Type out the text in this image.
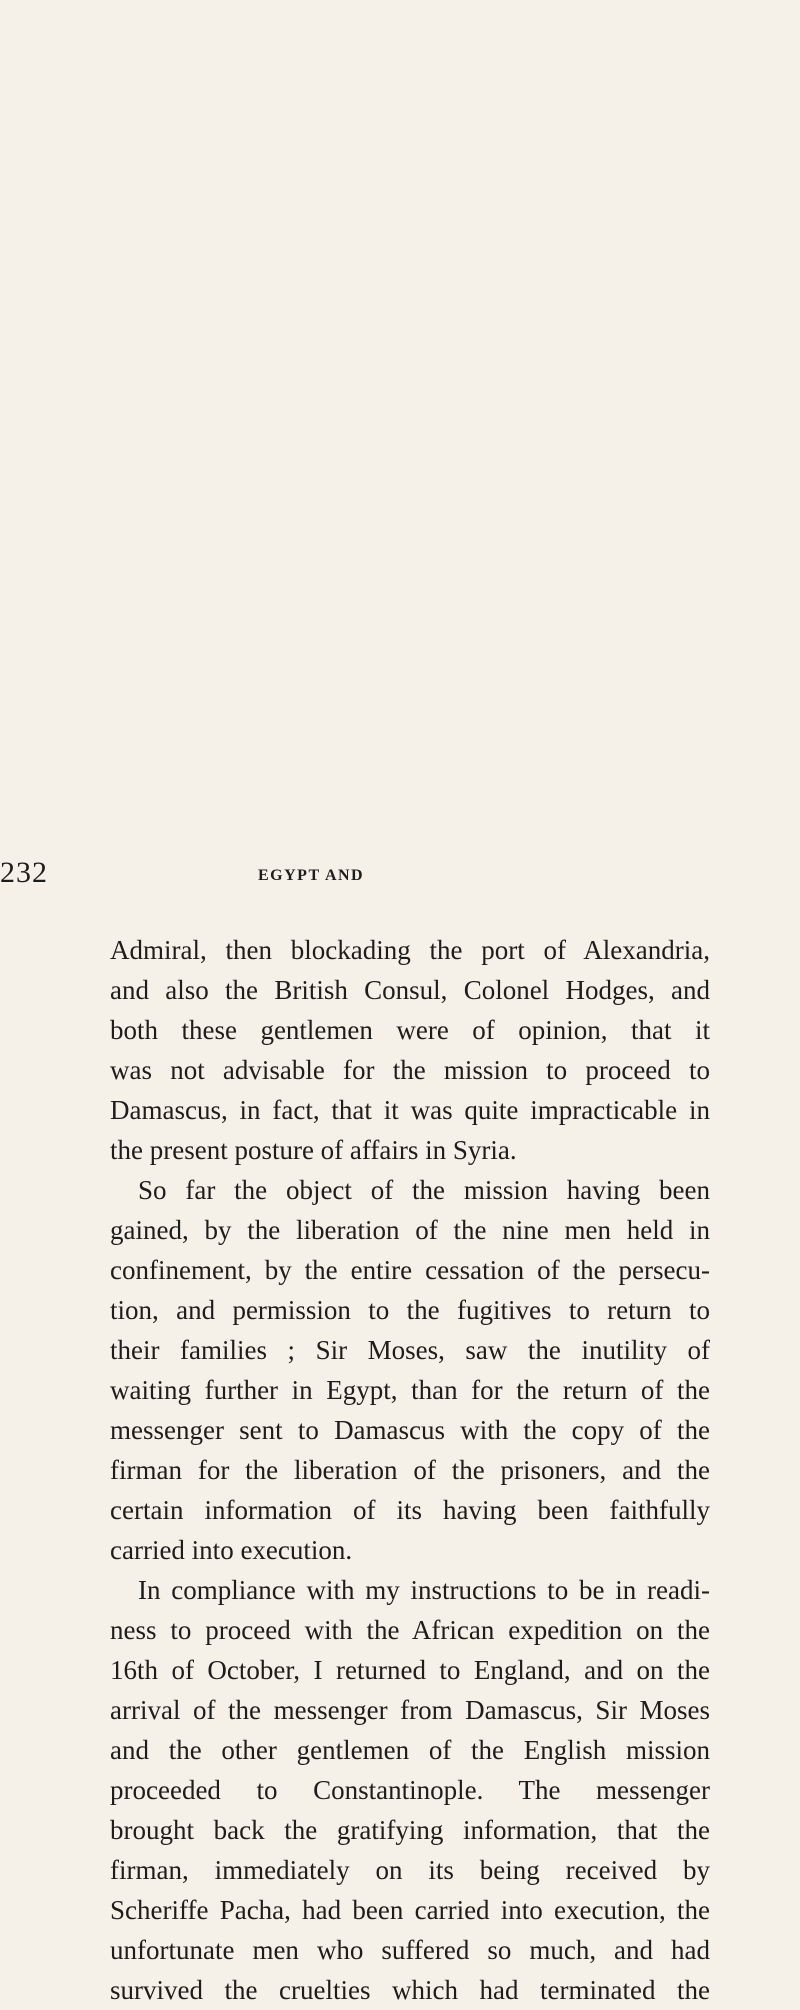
232	EGYPT AND
Admiral, then blockading the port of Alexandria,
and also the British Consul, Colonel Hodges, and
both these gentlemen were of opinion, that it
was not advisable for the mission to proceed to
Damascus, in fact, that it was quite impracticable in
the present posture of affairs in Syria.
So far the object of the mission having been
gained, by the liberation of the nine men held in
confinement, by the entire cessation of the persecu-
tion, and permission to the fugitives to return to
their families ; Sir Moses, saw the inutility of
waiting further in Egypt, than for the return of the
messenger sent to Damascus with the copy of the
firman for the liberation of the prisoners, and the
certain information of its having been faithfully
carried into execution.
In compliance with my instructions to be in readi-
ness to proceed with the African expedition on the
16th of October, I returned to England, and on the
arrival of the messenger from Damascus, Sir Moses
and the other gentlemen of the English mission
proceeded to Constantinople. The messenger
brought back the gratifying information, that the
firman, immediately on its being received by
Scheriffe Pacha, had been carried into execution, the
unfortunate men who suffered so much, and had
survived the cruelties which had terminated the
